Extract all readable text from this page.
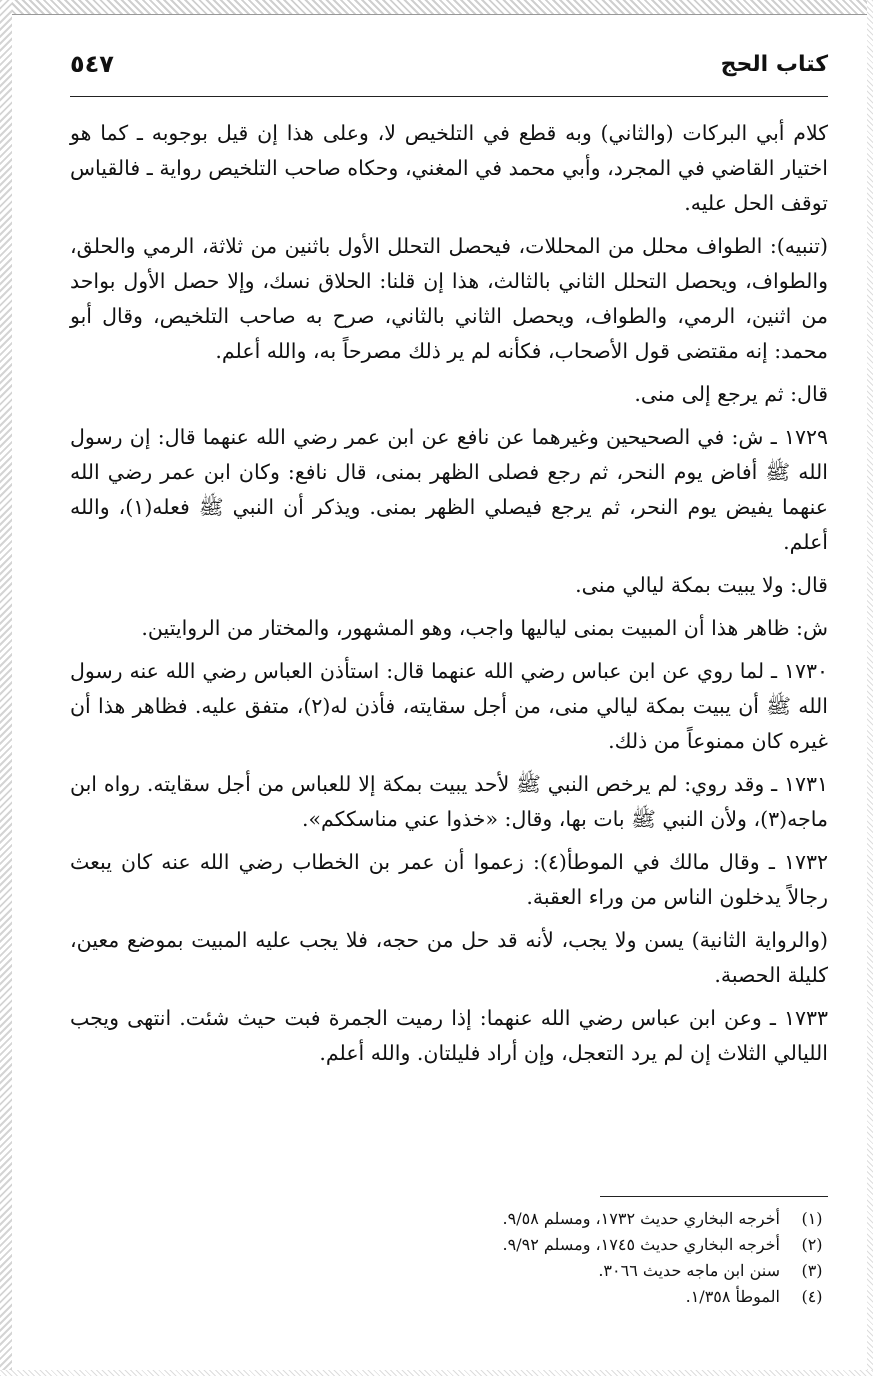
كتاب الحج
٥٤٧

كلام أبي البركات (والثاني) وبه قطع في التلخيص لا، وعلى هذا إن قيل بوجوبه ـ كما هو اختيار القاضي في المجرد، وأبي محمد في المغني، وحكاه صاحب التلخيص رواية ـ فالقياس توقف الحل عليه.

(تنبيه): الطواف محلل من المحللات، فيحصل التحلل الأول باثنين من ثلاثة، الرمي والحلق، والطواف، ويحصل التحلل الثاني بالثالث، هذا إن قلنا: الحلاق نسك، وإلا حصل الأول بواحد من اثنين، الرمي، والطواف، ويحصل الثاني بالثاني، صرح به صاحب التلخيص، وقال أبو محمد: إنه مقتضى قول الأصحاب، فكأنه لم ير ذلك مصرحاً به، والله أعلم.

قال: ثم يرجع إلى منى.

١٧٢٩ ـ ش: في الصحيحين وغيرهما عن نافع عن ابن عمر رضي الله عنهما قال: إن رسول الله ﷺ أفاض يوم النحر، ثم رجع فصلى الظهر بمنى، قال نافع: وكان ابن عمر رضي الله عنهما يفيض يوم النحر، ثم يرجع فيصلي الظهر بمنى. ويذكر أن النبي ﷺ فعله(١)، والله أعلم.

قال: ولا يبيت بمكة ليالي منى.

ش: ظاهر هذا أن المبيت بمنى لياليها واجب، وهو المشهور، والمختار من الروايتين.

١٧٣٠ ـ لما روي عن ابن عباس رضي الله عنهما قال: استأذن العباس رضي الله عنه رسول الله ﷺ أن يبيت بمكة ليالي منى، من أجل سقايته، فأذن له(٢)، متفق عليه. فظاهر هذا أن غيره كان ممنوعاً من ذلك.

١٧٣١ ـ وقد روي: لم يرخص النبي ﷺ لأحد يبيت بمكة إلا للعباس من أجل سقايته. رواه ابن ماجه(٣)، ولأن النبي ﷺ بات بها، وقال: «خذوا عني مناسككم».

١٧٣٢ ـ وقال مالك في الموطأ(٤): زعموا أن عمر بن الخطاب رضي الله عنه كان يبعث رجالاً يدخلون الناس من وراء العقبة.

(والرواية الثانية) يسن ولا يجب، لأنه قد حل من حجه، فلا يجب عليه المبيت بموضع معين، كليلة الحصبة.

١٧٣٣ ـ وعن ابن عباس رضي الله عنهما: إذا رميت الجمرة فبت حيث شئت. انتهى ويجب الليالي الثلاث إن لم يرد التعجل، وإن أراد فليلتان. والله أعلم.

(١)
أخرجه البخاري حديث ١٧٣٢، ومسلم ٩/٥٨.
(٢)
أخرجه البخاري حديث ١٧٤٥، ومسلم ٩/٩٢.
(٣)
سنن ابن ماجه حديث ٣٠٦٦.
(٤)
الموطأ ١/٣٥٨.
